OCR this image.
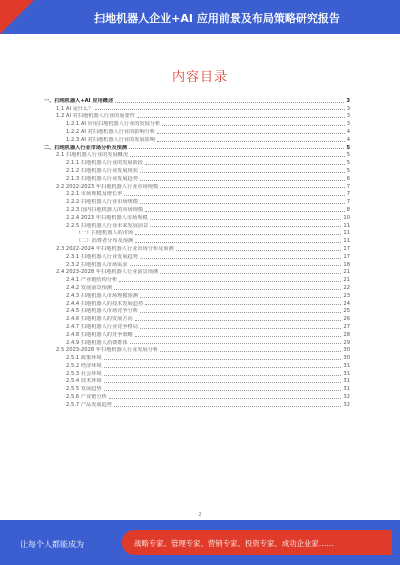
扫地机器人企业+AI 应用前景及布局策略研究报告
内容目录
一、扫地机器人+AI 应用概述	3
1.1 AI 是什么？	3
1.2 AI 对扫地机器人行业的重要性	3
1.2.1 AI 应用扫地机器人行业的发展分析	3
1.2.2 AI 对扫地机器人行业的影响分析	4
1.2.3 AI 对扫地机器人行业的发展影响	4
二、扫地机器人行业市场分析及预测	5
2.1 扫地机器人行业的发展概况	5
2.1.1 扫地机器人行业的发展阶段	5
2.1.2 扫地机器人行业发展现状	5
2.1.3 扫地机器人行业发展趋势	6
2.2 2022-2023 年扫地机器人行业市场规模	7
2.2.1 市场规模及增长率	7
2.2.2 扫地机器人行业市场规模	7
2.2.3 国内扫地机器人的市场规模	8
2.2.4 2023 年扫地机器人市场规模	10
2.2.5 扫地机器人行业未来发展前景	11
（一）扫地机器人的市场	11
（二）消费者分布及预测	11
2.3 2022-2024 年扫地机器人行业市场分布及预测	17
2.3.1 扫地机器人行业发展趋势	17
2.3.2 扫地机器人市场需求	18
2.4 2023-2028 年扫地机器人行业前景预测	21
2.4.1 产业链结构分析	21
2.4.2 发展前景预测	22
2.4.3 扫地机器人市场规模预测	23
2.4.4 扫地机器人的技术发展趋势	24
2.4.5 扫地机器人市场竞争分析	25
2.4.6 扫地机器人的发展方向	26
2.4.7 扫地机器人行业竞争格局	27
2.4.8 扫地机器人的竞争策略	28
2.4.9 扫地机器人消费群体	29
2.5 2023-2028 年扫地机器人行业发展分析	30
2.5.1 政策环境	30
2.5.2 经济环境	31
2.5.3 社会环境	31
2.5.4 技术环境	31
2.5.5 发展趋势	31
2.5.6 产业链分析	32
2.5.7 产品发展趋势	32
2
让每个人都能成为	战略专家、管理专家、营销专家、投资专家、成功企业家……
